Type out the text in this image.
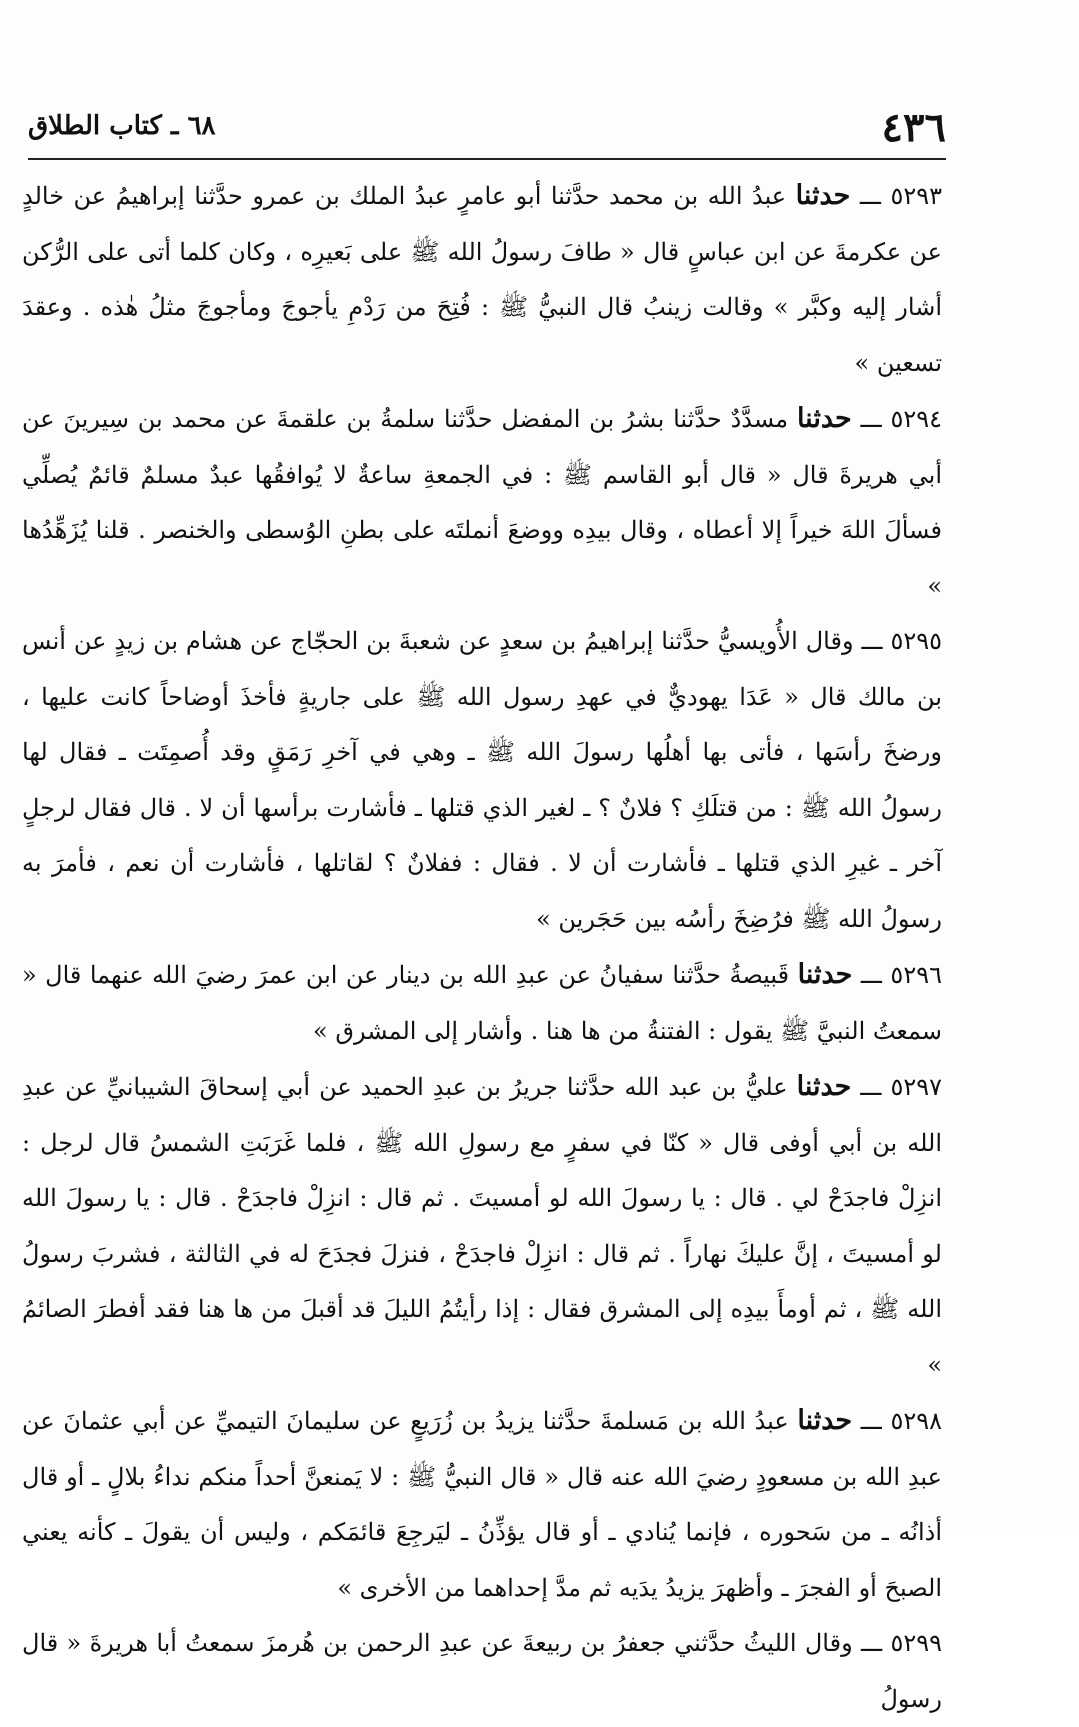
٤٣٦
٦٨ ـ كتاب الطلاق

٥٢٩٣ ـــ حدثنا عبدُ الله بن محمد حدَّثنا أبو عامرٍ عبدُ الملك بن عمرو حدَّثنا إبراهيمُ عن خالدٍ عن عكرمةَ عن ابن عباسٍ قال « طافَ رسولُ الله ﷺ على بَعيرِه ، وكان كلما أتى على الرُّكن أشار إليه وكبَّر » وقالت زينبُ قال النبيُّ ﷺ : فُتِحَ من رَدْمِ يأجوجَ ومأجوجَ مثلُ هٰذه . وعقدَ تسعين »

٥٢٩٤ ـــ حدثنا مسدَّدٌ حدَّثنا بشرُ بن المفضل حدَّثنا سلمةُ بن علقمةَ عن محمد بن سِيرينَ عن أبي هريرةَ قال « قال أبو القاسم ﷺ : في الجمعةِ ساعةٌ لا يُوافقُها عبدٌ مسلمٌ قائمٌ يُصلِّي فسألَ اللهَ خيراً إلا أعطاه ، وقال بيدِه ووضعَ أنملتَه على بطنِ الوُسطى والخنصر . قلنا يُزَهِّدُها »

٥٢٩٥ ـــ وقال الأُويسيُّ حدَّثنا إبراهيمُ بن سعدٍ عن شعبةَ بن الحجّاج عن هشام بن زيدٍ عن أنس بن مالك قال « عَدَا يهوديٌّ في عهدِ رسول الله ﷺ على جاريةٍ فأخذَ أوضاحاً كانت عليها ، ورضخَ رأسَها ، فأتى بها أهلُها رسولَ الله ﷺ ـ وهي في آخرِ رَمَقٍ وقد أُصمِتَت ـ فقال لها رسولُ الله ﷺ : من قتلَكِ ؟ فلانٌ ؟ ـ لغير الذي قتلها ـ فأشارت برأسها أن لا . قال فقال لرجلٍ آخر ـ غيرِ الذي قتلها ـ فأشارت أن لا . فقال : ففلانٌ ؟ لقاتلها ، فأشارت أن نعم ، فأمرَ به رسولُ الله ﷺ فرُضِخَ رأسُه بين حَجَرين »

٥٢٩٦ ـــ حدثنا قَبيصةُ حدَّثنا سفيانُ عن عبدِ الله بن دينار عن ابن عمرَ رضيَ الله عنهما قال « سمعتُ النبيَّ ﷺ يقول : الفتنةُ من ها هنا . وأشار إلى المشرق »

٥٢٩٧ ـــ حدثنا عليُّ بن عبد الله حدَّثنا جريرُ بن عبدِ الحميد عن أبي إسحاقَ الشيبانيِّ عن عبدِ الله بن أبي أوفى قال « كنّا في سفرٍ مع رسولِ الله ﷺ ، فلما غَرَبَتِ الشمسُ قال لرجل : انزِلْ فاجدَحْ لي . قال : يا رسولَ الله لو أمسيتَ . ثم قال : انزِلْ فاجدَحْ . قال : يا رسولَ الله لو أمسيتَ ، إنَّ عليكَ نهاراً . ثم قال : انزِلْ فاجدَحْ ، فنزلَ فجدَحَ له في الثالثة ، فشربَ رسولُ الله ﷺ ، ثم أومأَ بيدِه إلى المشرق فقال : إذا رأيتُمُ الليلَ قد أقبلَ من ها هنا فقد أفطرَ الصائمُ »

٥٢٩٨ ـــ حدثنا عبدُ الله بن مَسلمةَ حدَّثنا يزيدُ بن زُرَيعٍ عن سليمانَ التيميِّ عن أبي عثمانَ عن عبدِ الله بن مسعودٍ رضيَ الله عنه قال « قال النبيُّ ﷺ : لا يَمنعنَّ أحداً منكم نداءُ بلالٍ ـ أو قال أذانُه ـ من سَحوره ، فإنما يُنادي ـ أو قال يؤذِّنُ ـ ليَرجِعَ قائمَكم ، وليس أن يقولَ ـ كأنه يعني الصبحَ أو الفجرَ ـ وأظهرَ يزيدُ يدَيه ثم مدَّ إحداهما من الأخرى »

٥٢٩٩ ـــ وقال الليثُ حدَّثني جعفرُ بن ربيعةَ عن عبدِ الرحمن بن هُرمزَ سمعتُ أبا هريرةَ « قال رسولُ
